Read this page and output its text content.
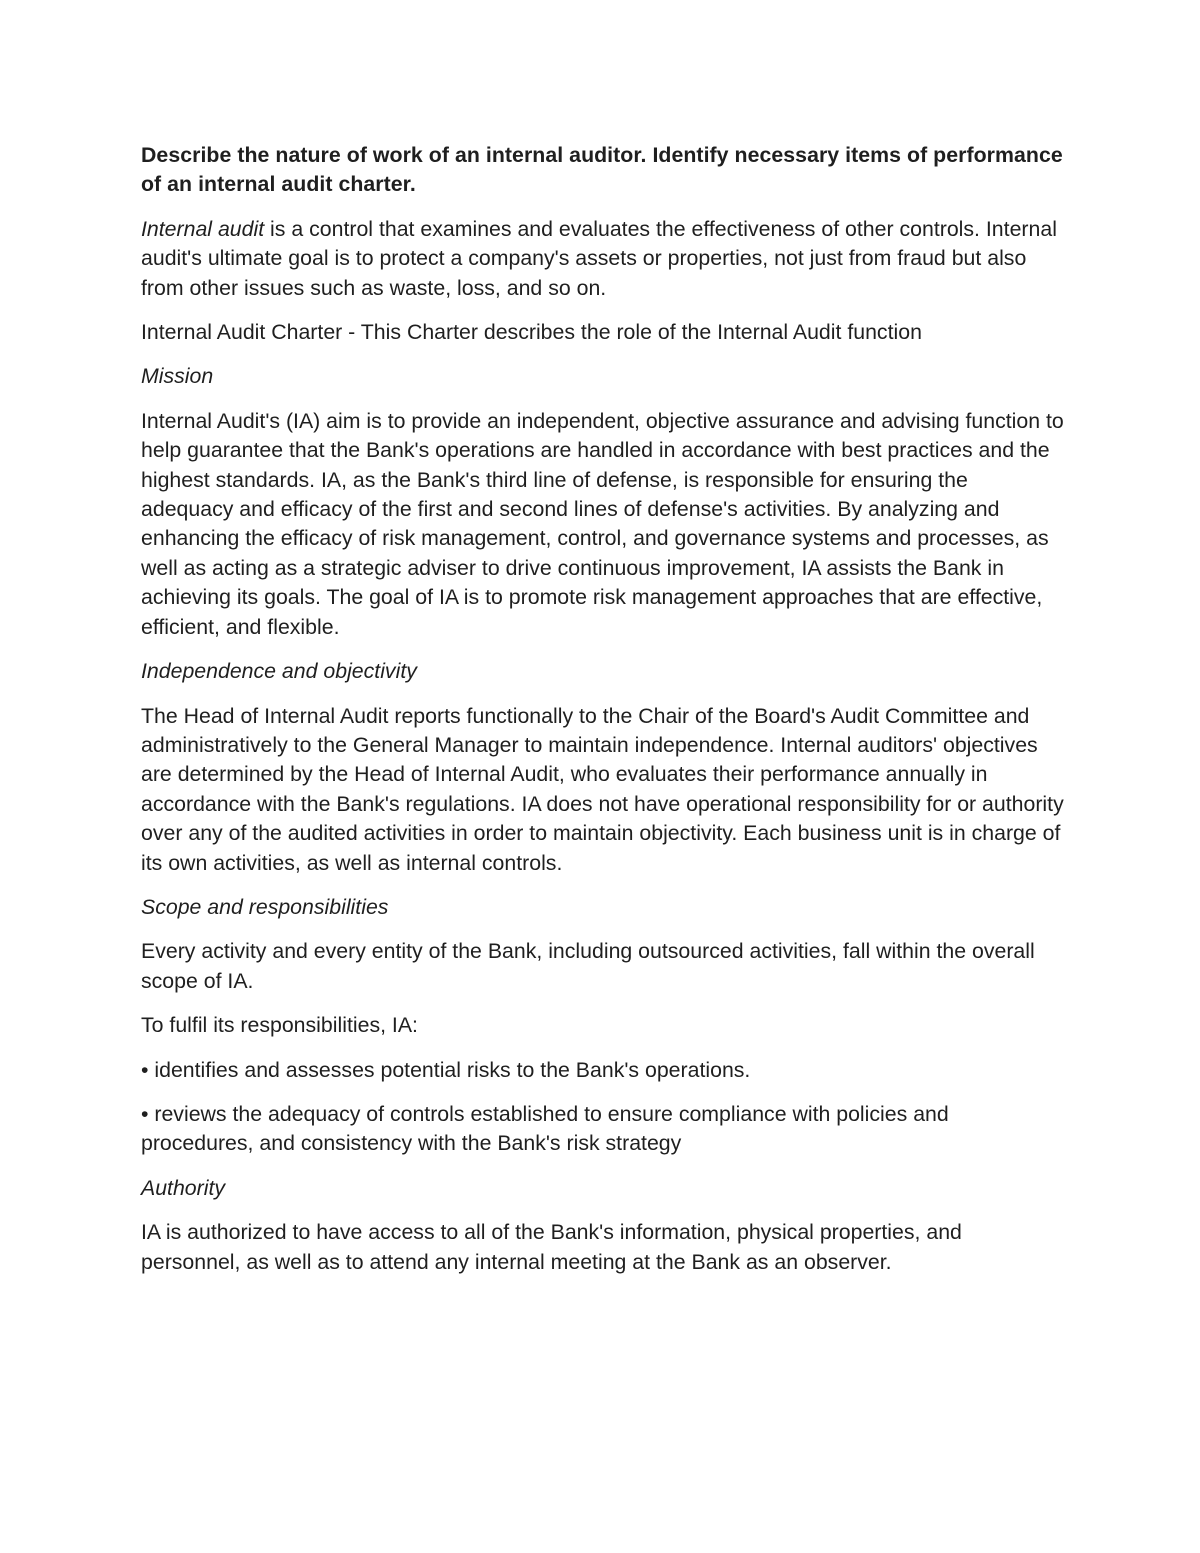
Describe the nature of work of an internal auditor. Identify necessary items of performance of an internal audit charter.

Internal audit is a control that examines and evaluates the effectiveness of other controls. Internal audit's ultimate goal is to protect a company's assets or properties, not just from fraud but also from other issues such as waste, loss, and so on.

Internal Audit Charter - This Charter describes the role of the Internal Audit function

Mission

Internal Audit's (IA) aim is to provide an independent, objective assurance and advising function to help guarantee that the Bank's operations are handled in accordance with best practices and the highest standards. IA, as the Bank's third line of defense, is responsible for ensuring the adequacy and efficacy of the first and second lines of defense's activities. By analyzing and enhancing the efficacy of risk management, control, and governance systems and processes, as well as acting as a strategic adviser to drive continuous improvement, IA assists the Bank in achieving its goals. The goal of IA is to promote risk management approaches that are effective, efficient, and flexible.

Independence and objectivity

The Head of Internal Audit reports functionally to the Chair of the Board's Audit Committee and administratively to the General Manager to maintain independence. Internal auditors' objectives are determined by the Head of Internal Audit, who evaluates their performance annually in accordance with the Bank's regulations. IA does not have operational responsibility for or authority over any of the audited activities in order to maintain objectivity. Each business unit is in charge of its own activities, as well as internal controls.

Scope and responsibilities

Every activity and every entity of the Bank, including outsourced activities, fall within the overall scope of IA.

To fulfil its responsibilities, IA:

• identifies and assesses potential risks to the Bank's operations.

• reviews the adequacy of controls established to ensure compliance with policies and procedures, and consistency with the Bank's risk strategy

Authority

IA is authorized to have access to all of the Bank's information, physical properties, and personnel, as well as to attend any internal meeting at the Bank as an observer.
